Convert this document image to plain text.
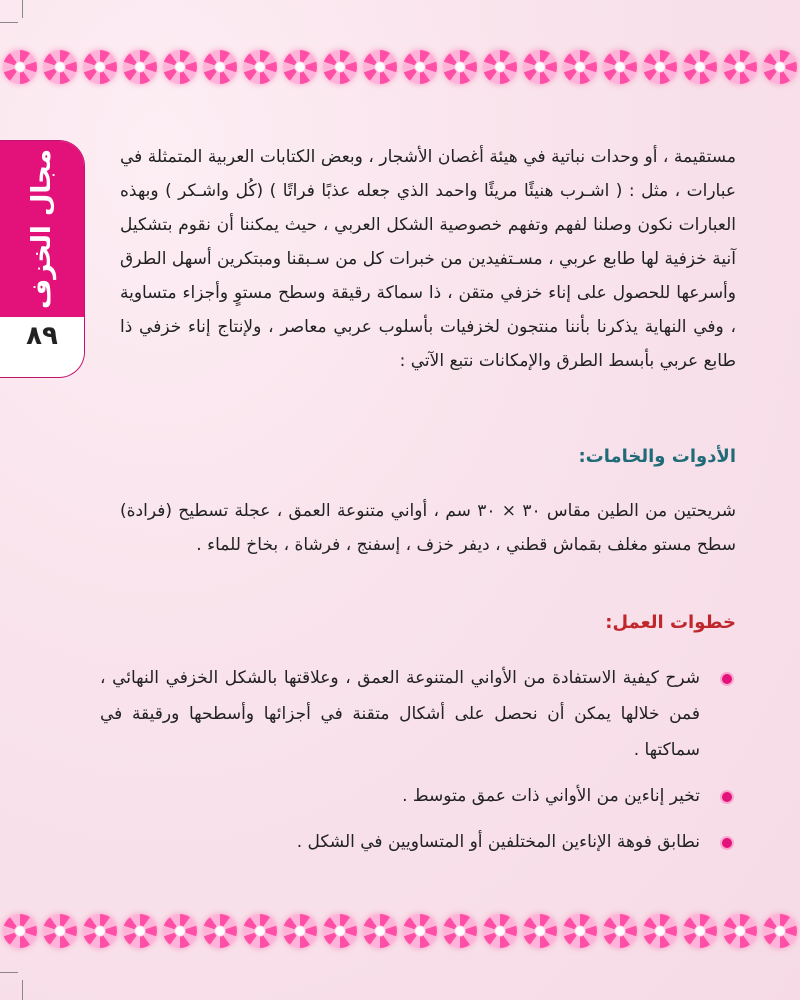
مجال الخزف
٨٩
مستقيمة ، أو وحدات نباتية في هيئة أغصان الأشجار ، وبعض الكتابات العربية المتمثلة في عبارات ، مثل : ( اشـرب هنيئًا مريئًا واحمد الذي جعله عذبًا فراتًا ) (كُل واشـكر ) وبهذه العبارات نكون وصلنا لفهم وتفهم خصوصية الشكل العربي ، حيث يمكننا أن نقوم بتشكيل آنية خزفية لها طابع عربي ، مسـتفيدين من خبرات كل من سـبقنا ومبتكرين أسهل الطرق وأسرعها للحصول على إناء خزفي متقن ، ذا سماكة رقيقة وسطح مستوٍ وأجزاء متساوية ، وفي النهاية يذكرنا بأننا منتجون لخزفيات بأسلوب عربي معاصر ، ولإنتاج إناء خزفي ذا طابع عربي بأبسط الطرق والإمكانات نتبع الآتي :
الأدوات والخامات:
شريحتين من الطين مقاس ٣٠ × ٣٠ سم ، أواني متنوعة العمق ، عجلة تسطيح (فرادة) سطح مستو مغلف بقماش قطني ، ديفر خزف ، إسفنج ، فرشاة ، بخاخ للماء .
خطوات العمل:
شرح كيفية الاستفادة من الأواني المتنوعة العمق ، وعلاقتها بالشكل الخزفي النهائي ، فمن خلالها يمكن أن نحصل على أشكال متقنة في أجزائها وأسطحها ورقيقة في سماكتها .
تخير إناءين من الأواني ذات عمق متوسط .
نطابق فوهة الإناءين المختلفين أو المتساويين في الشكل .
